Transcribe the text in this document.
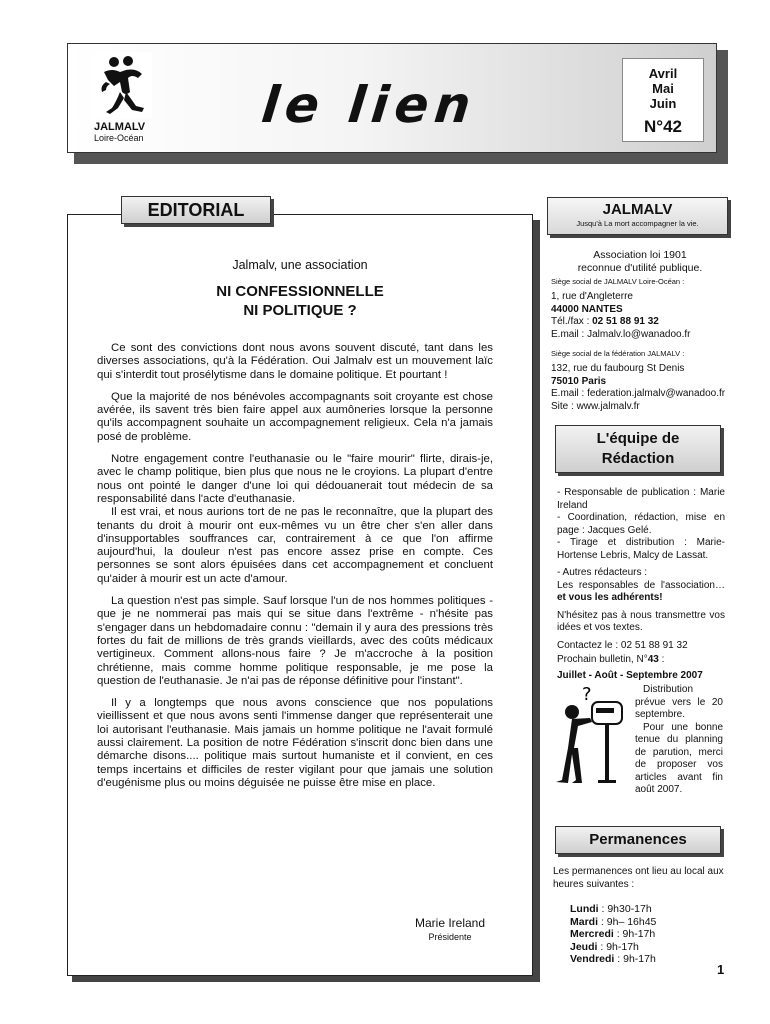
JALMALV
Loire-Océan
le lien
Avril
Mai
Juin
N°42
EDITORIAL
Jalmalv, une association
NI CONFESSIONNELLE
NI POLITIQUE ?

Ce sont des convictions dont nous avons souvent discuté, tant dans les diverses associations, qu'à la Fédération. Oui Jalmalv est un mouvement laïc qui s'interdit tout prosélytisme dans le domaine politique. Et pourtant !

Que la majorité de nos bénévoles accompagnants soit croyante est chose avérée, ils savent très bien faire appel aux aumôneries lorsque la personne qu'ils accompagnent souhaite un accompagnement religieux. Cela n'a jamais posé de problème.

Notre engagement contre l'euthanasie ou le "faire mourir" flirte, dirais-je, avec le champ politique, bien plus que nous ne le croyions. La plupart d'entre nous ont pointé le danger d'une loi qui dédouanerait tout médecin de sa responsabilité dans l'acte d'euthanasie.

Il est vrai, et nous aurions tort de ne pas le reconnaître, que la plupart des tenants du droit à mourir ont eux-mêmes vu un être cher s'en aller dans d'insupportables souffrances car, contrairement à ce que l'on affirme aujourd'hui, la douleur n'est pas encore assez prise en compte. Ces personnes se sont alors épuisées dans cet accompagnement et concluent qu'aider à mourir est un acte d'amour.

La question n'est pas simple. Sauf lorsque l'un de nos hommes politiques - que je ne nommerai pas mais qui se situe dans l'extrême - n'hésite pas s'engager dans un hebdomadaire connu : "demain il y aura des pressions très fortes du fait de millions de très grands vieillards, avec des coûts médicaux vertigineux. Comment allons-nous faire ? Je m'accroche à la position chrétienne, mais comme homme politique responsable, je me pose la question de l'euthanasie. Je n'ai pas de réponse définitive pour l'instant".

Il y a longtemps que nous avons conscience que nos populations vieillissent et que nous avons senti l'immense danger que représenterait une loi autorisant l'euthanasie. Mais jamais un homme politique ne l'avait formulé aussi clairement. La position de notre Fédération s'inscrit donc bien dans une démarche disons.... politique mais surtout humaniste et il convient, en ces temps incertains et difficiles de rester vigilant pour que jamais une solution d'eugénisme plus ou moins déguisée ne puisse être mise en place.

Marie Ireland
Présidente
JALMALV
Jusqu'à La mort accompagner la vie.
Association loi 1901
reconnue d'utilité publique.
Siège social de JALMALV Loire-Océan :
1, rue d'Angleterre
44000 NANTES
Tél./fax : 02 51 88 91 32
E.mail : Jalmalv.lo@wanadoo.fr
Siège social de la fédération JALMALV :
132, rue du faubourg St Denis
75010 Paris
E.mail : federation.jalmalv@wanadoo.fr
Site : www.jalmalv.fr
L'équipe de
Rédaction
- Responsable de publication : Marie Ireland
- Coordination, rédaction, mise en page : Jacques Gelé.
- Tirage et distribution : Marie-Hortense Lebris, Malcy de Lassat.
- Autres rédacteurs :
Les responsables de l'association… et vous les adhérents!
N'hésitez pas à nous transmettre vos idées et vos textes.
Contactez le : 02 51 88 91 32
Prochain bulletin, N°43 :
Juillet - Août - Septembre 2007
?	Distribution prévue vers le 20 septembre.
Pour une bonne tenue du planning de parution, merci de proposer vos articles avant fin août 2007.
Permanences
Les permanences ont lieu au local aux heures suivantes :
Lundi : 9h30-17h
Mardi : 9h– 16h45
Mercredi : 9h-17h
Jeudi : 9h-17h
Vendredi : 9h-17h
1
